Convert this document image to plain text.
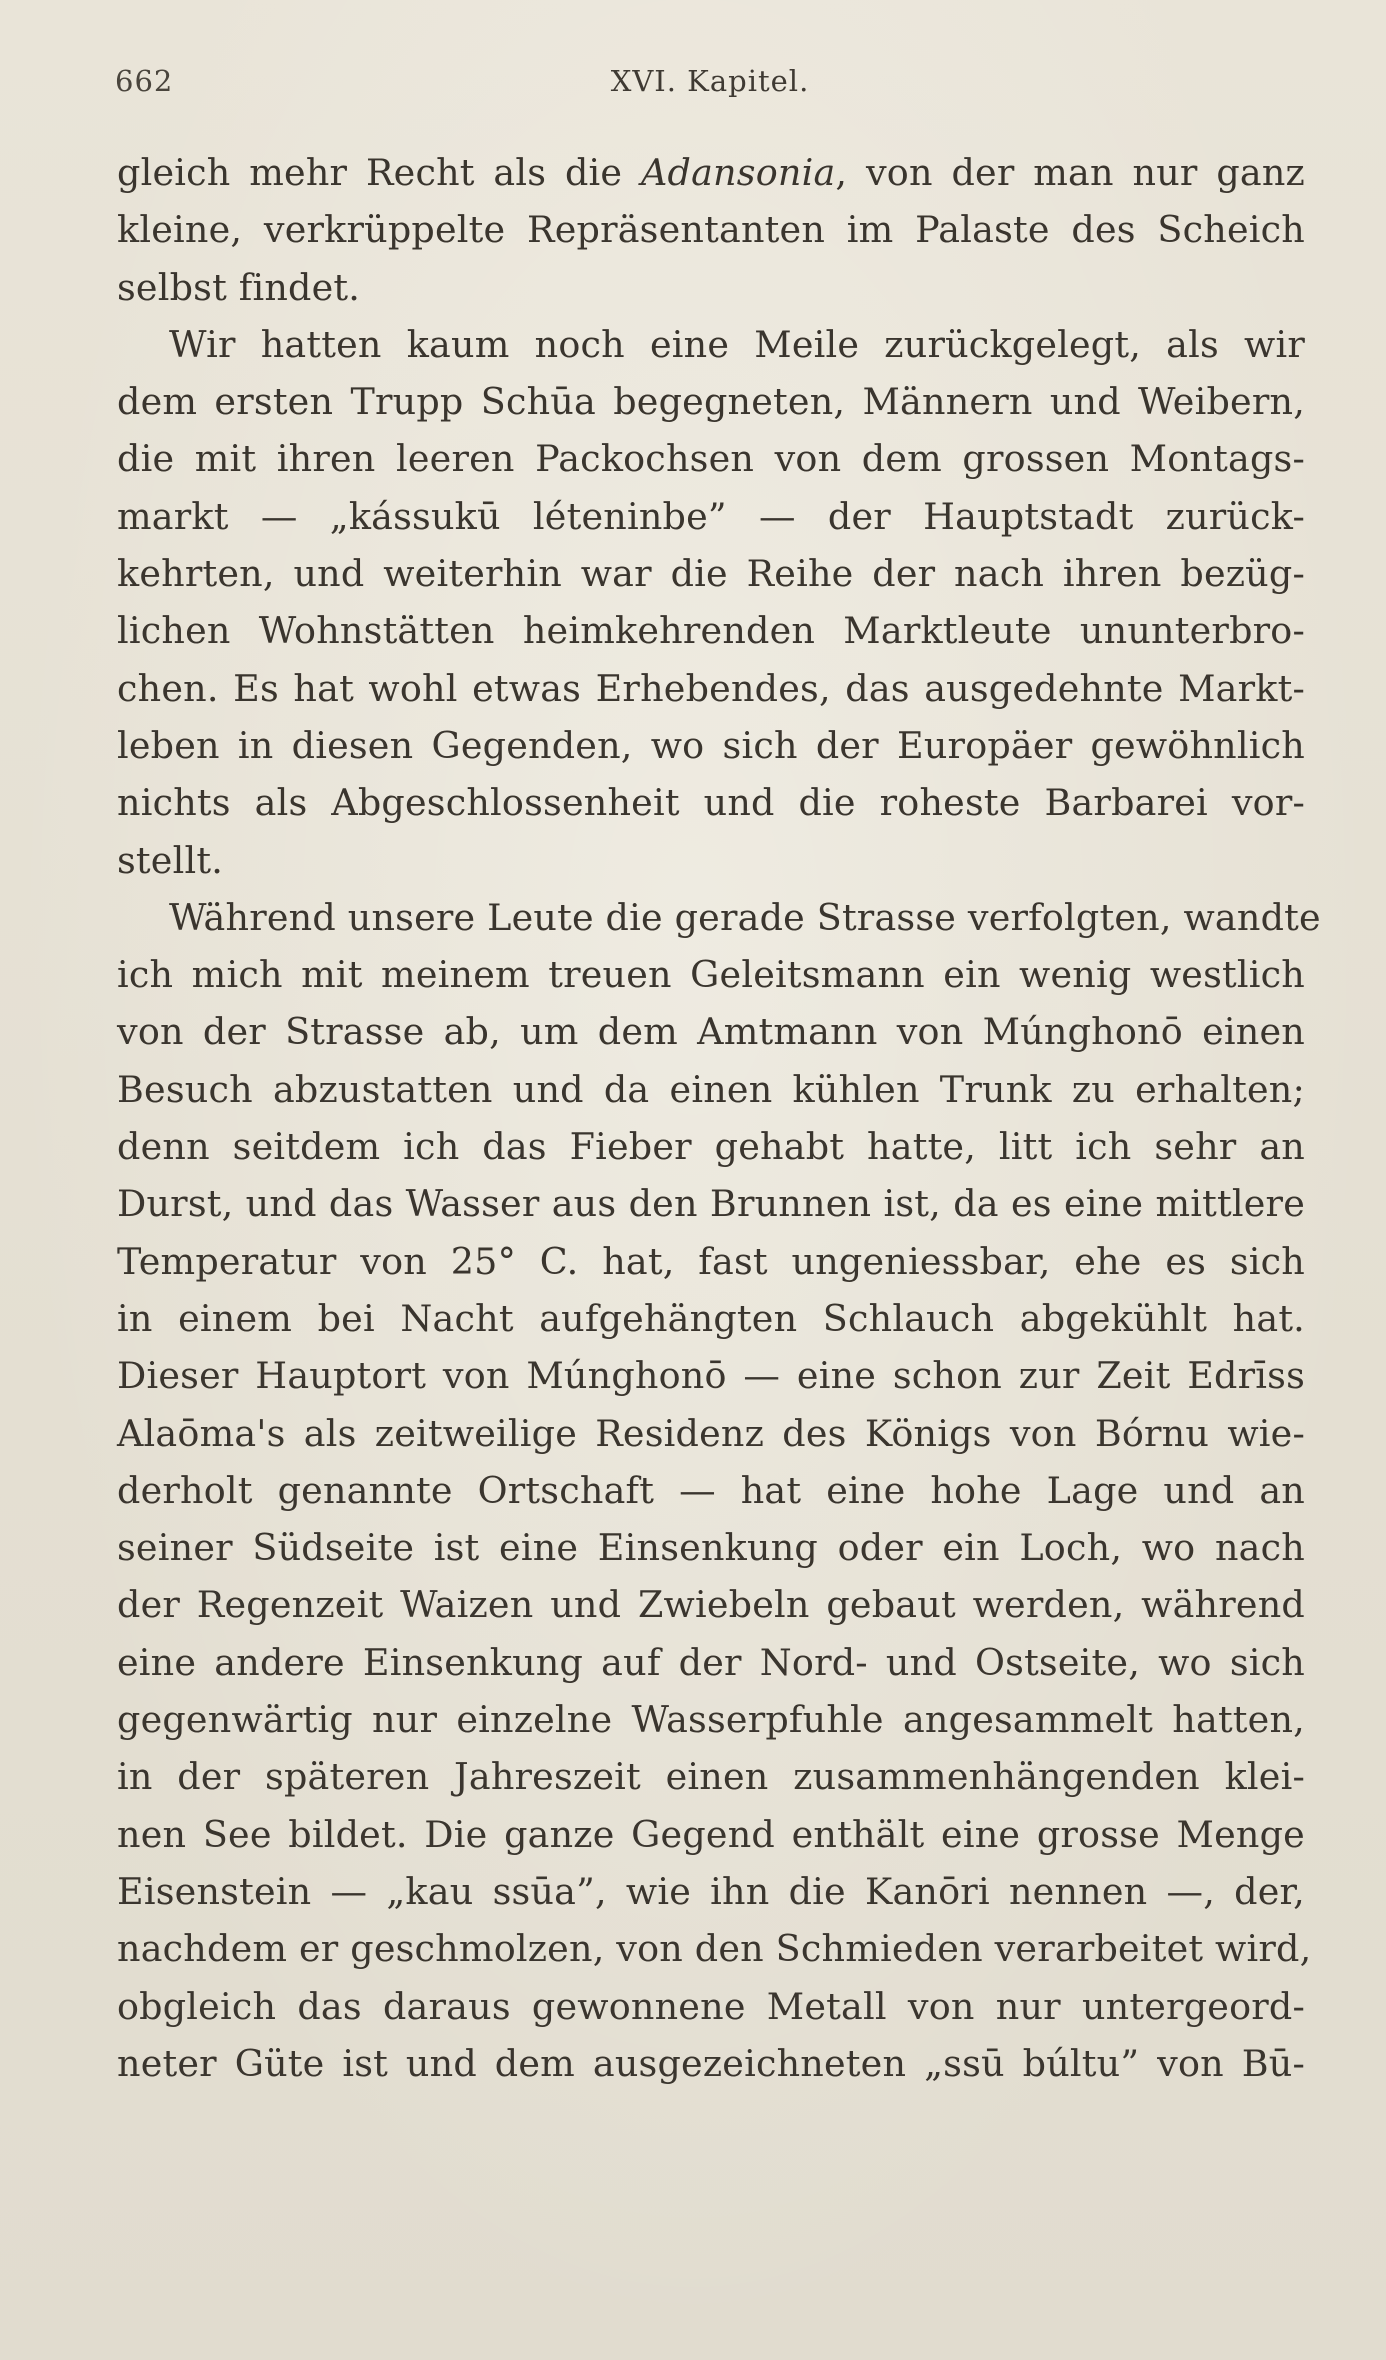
662	XVI. Kapitel.
gleich mehr Recht als die Adansonia, von der man nur ganz
kleine, verkrüppelte Repräsentanten im Palaste des Scheich
selbst findet.
Wir hatten kaum noch eine Meile zurückgelegt, als wir
dem ersten Trupp Schūa begegneten, Männern und Weibern,
die mit ihren leeren Packochsen von dem grossen Montags-
markt — „kássukū léteninbe” — der Hauptstadt zurück-
kehrten, und weiterhin war die Reihe der nach ihren bezüg-
lichen Wohnstätten heimkehrenden Marktleute ununterbro-
chen. Es hat wohl etwas Erhebendes, das ausgedehnte Markt-
leben in diesen Gegenden, wo sich der Europäer gewöhnlich
nichts als Abgeschlossenheit und die roheste Barbarei vor-
stellt.
Während unsere Leute die gerade Strasse verfolgten, wandte
ich mich mit meinem treuen Geleitsmann ein wenig westlich
von der Strasse ab, um dem Amtmann von Múnghonō einen
Besuch abzustatten und da einen kühlen Trunk zu erhalten;
denn seitdem ich das Fieber gehabt hatte, litt ich sehr an
Durst, und das Wasser aus den Brunnen ist, da es eine mittlere
Temperatur von 25° C. hat, fast ungeniessbar, ehe es sich
in einem bei Nacht aufgehängten Schlauch abgekühlt hat.
Dieser Hauptort von Múnghonō — eine schon zur Zeit Edrīss
Alaōma's als zeitweilige Residenz des Königs von Bórnu wie-
derholt genannte Ortschaft — hat eine hohe Lage und an
seiner Südseite ist eine Einsenkung oder ein Loch, wo nach
der Regenzeit Waizen und Zwiebeln gebaut werden, während
eine andere Einsenkung auf der Nord- und Ostseite, wo sich
gegenwärtig nur einzelne Wasserpfuhle angesammelt hatten,
in der späteren Jahreszeit einen zusammenhängenden klei-
nen See bildet. Die ganze Gegend enthält eine grosse Menge
Eisenstein — „kau ssūa”, wie ihn die Kanōri nennen —, der,
nachdem er geschmolzen, von den Schmieden verarbeitet wird,
obgleich das daraus gewonnene Metall von nur untergeord-
neter Güte ist und dem ausgezeichneten „ssū búltu” von Bū-
